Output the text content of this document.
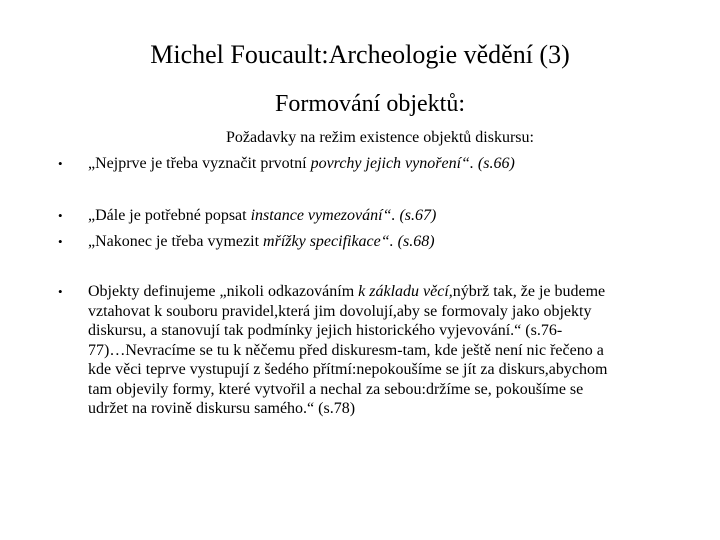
Michel Foucault:Archeologie vědění (3)
Formování objektů:
Požadavky na režim existence objektů diskursu:
• „Nejprve je třeba vyznačit prvotní povrchy jejich vynoření“. (s.66)
• „Dále je potřebné popsat instance vymezování“. (s.67)
• „Nakonec je třeba vymezit mřížky specifikace“. (s.68)
• Objekty definujeme „nikoli odkazováním k základu věcí,nýbrž tak, že je budeme
vztahovat k souboru pravidel,která jim dovolují,aby se formovaly jako objekty
diskursu, a stanovují tak podmínky jejich historického vyjevování.“ (s.76-
77)…Nevracíme se tu k něčemu před diskuresm-tam, kde ještě není nic řečeno a
kde věci teprve vystupují z šedého přítmí:nepokoušíme se jít za diskurs,abychom
tam objevily formy, které vytvořil a nechal za sebou:držíme se, pokoušíme se
udržet na rovině diskursu samého.“ (s.78)
